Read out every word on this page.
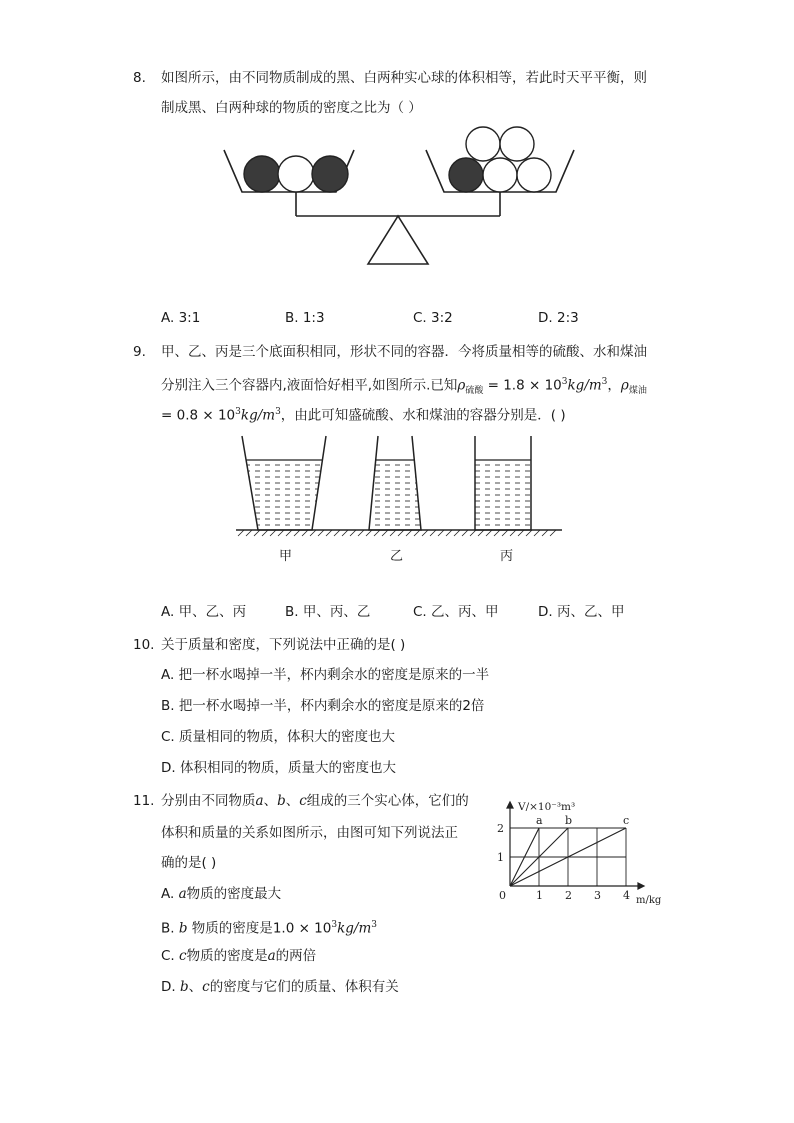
8. 如图所示，由不同物质制成的黑、白两种实心球的体积相等，若此时天平平衡，则
制成黑、白两种球的物质的密度之比为（ ）
A. 3:1	B. 1:3	C. 3:2	D. 2:3
9. 甲、乙、丙是三个底面积相同，形状不同的容器．今将质量相等的硫酸、水和煤油
分别注入三个容器内,液面恰好相平,如图所示.已知$\rho_{硫酸} = 1.8 \times 10^3kg/m^3$，$\rho_{煤油}$
= $0.8 \times 10^3kg/m^3$，由此可知盛硫酸、水和煤油的容器分别是．( )
甲	乙	丙
A. 甲、乙、丙	B. 甲、丙、乙	C. 乙、丙、甲	D. 丙、乙、甲
10. 关于质量和密度，下列说法中正确的是( )
A. 把一杯水喝掉一半，杯内剩余水的密度是原来的一半
B. 把一杯水喝掉一半，杯内剩余水的密度是原来的2倍
C. 质量相同的物质，体积大的密度也大
D. 体积相同的物质，质量大的密度也大
11. 分别由不同物质a、b、c组成的三个实心体，它们的
体积和质量的关系如图所示，由图可知下列说法正
确的是( )
A. a物质的密度最大
B. b 物质的密度是$1.0 \times 10^3kg/m^3$
C. c物质的密度是a的两倍
D. b、c的密度与它们的质量、体积有关
a b	c
0	1 2 3 4
1
2
m/kg
V/×10⁻³m³
